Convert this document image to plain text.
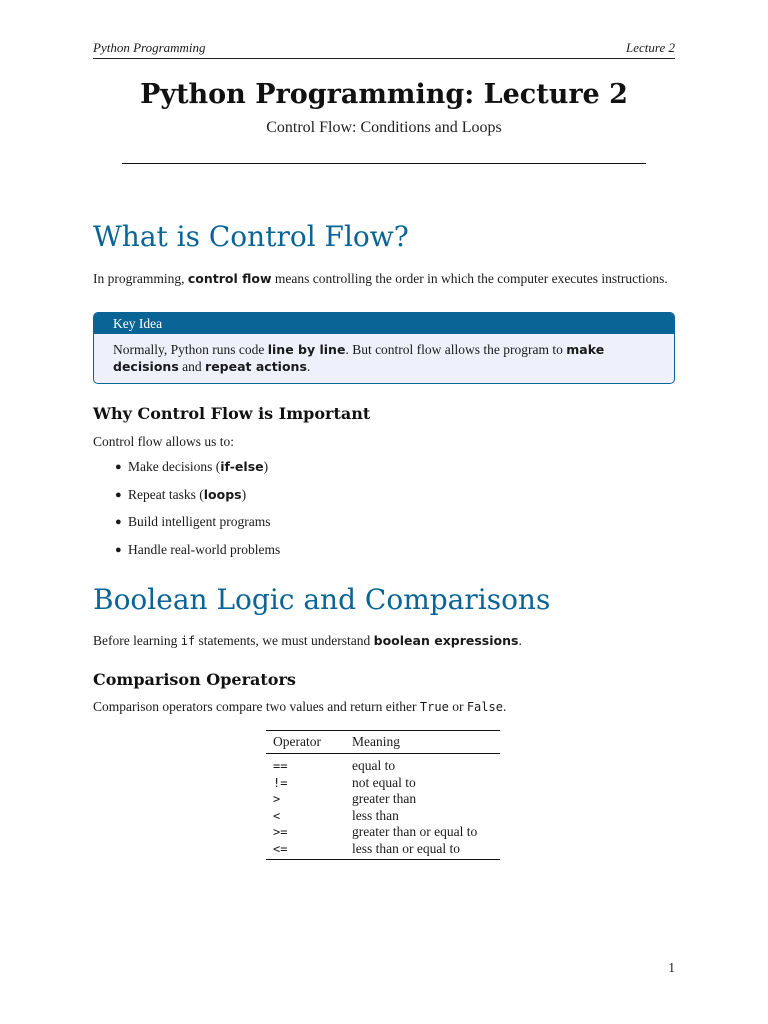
Python Programming	Lecture 2
Python Programming: Lecture 2
Control Flow: Conditions and Loops
What is Control Flow?
In programming, control flow means controlling the order in which the computer executes instructions.
Key Idea
Normally, Python runs code line by line. But control flow allows the program to make decisions and repeat actions.
Why Control Flow is Important
Control flow allows us to:
● Make decisions (if-else)
● Repeat tasks (loops)
● Build intelligent programs
● Handle real-world problems
Boolean Logic and Comparisons
Before learning if statements, we must understand boolean expressions.
Comparison Operators
Comparison operators compare two values and return either True or False.
Operator	Meaning
==	equal to
!=	not equal to
>	greater than
<	less than
>=	greater than or equal to
<=	less than or equal to
1
